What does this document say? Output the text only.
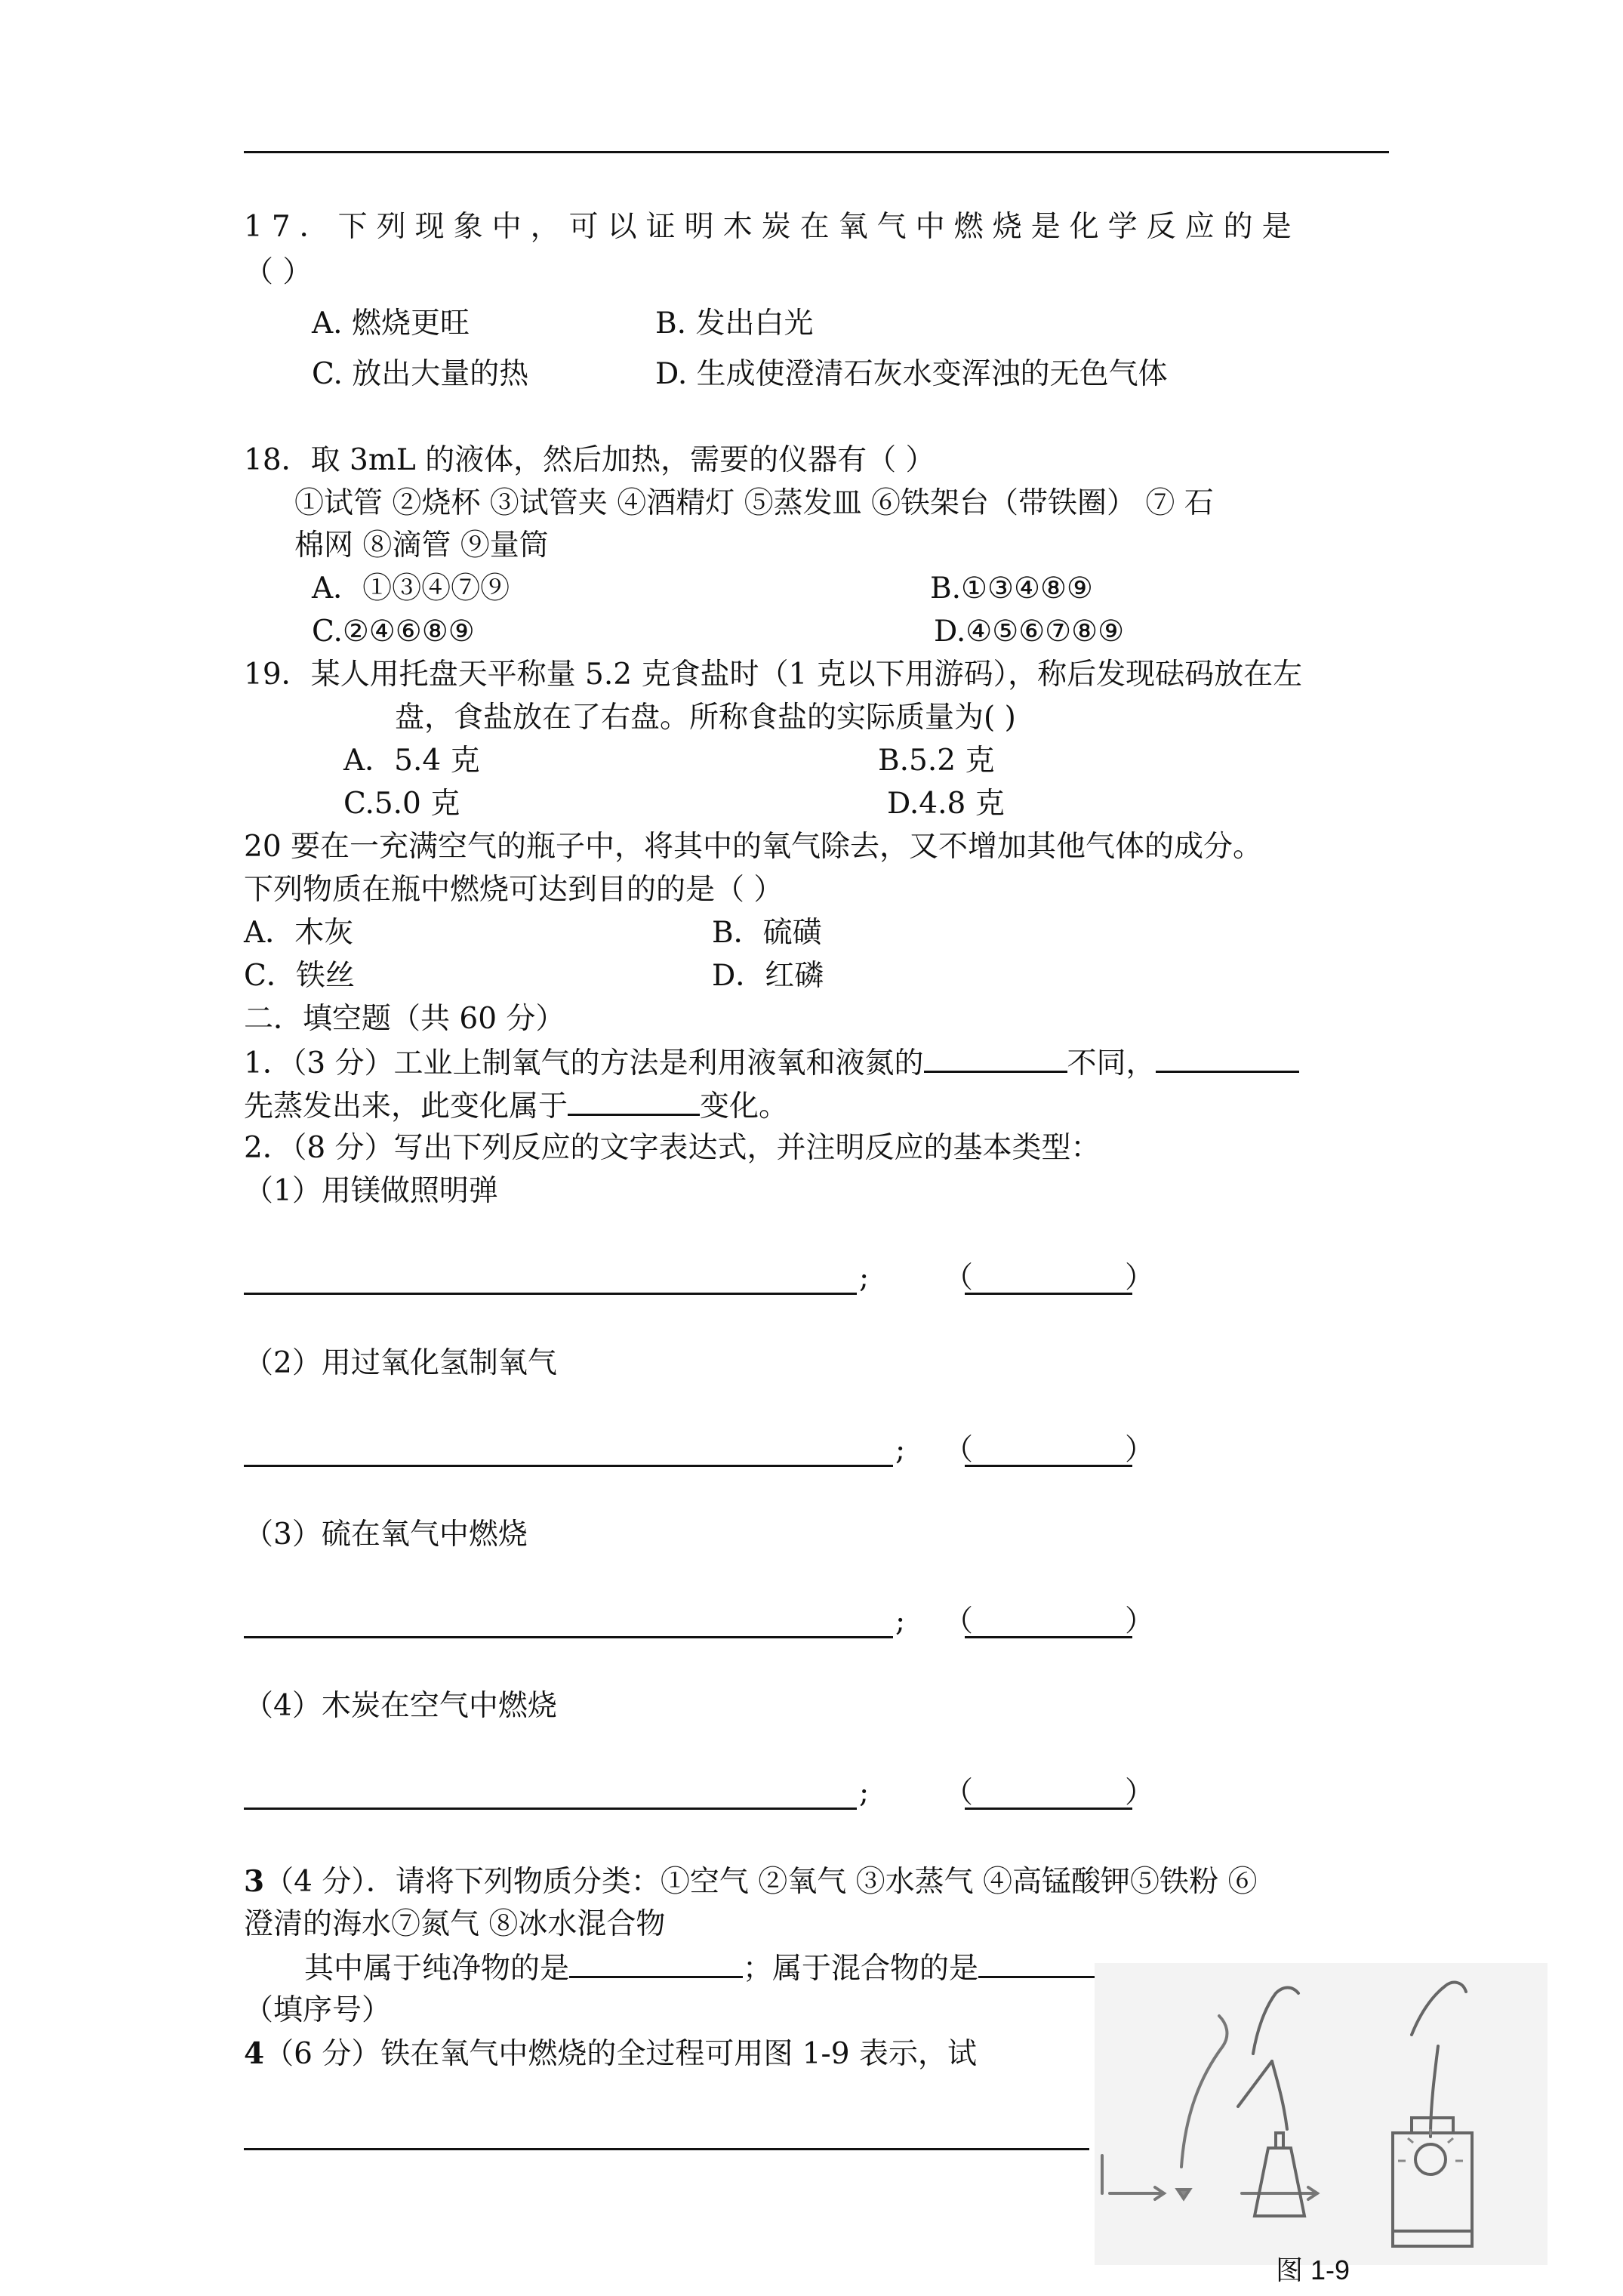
17．下列现象中，可以证明木炭在氧气中燃烧是化学反应的是
（ ）
A. 燃烧更旺	B. 发出白光
C. 放出大量的热	D. 生成使澄清石灰水变浑浊的无色气体
18．取 3mL 的液体，然后加热，需要的仪器有（ ）
①试管 ②烧杯 ③试管夹 ④酒精灯 ⑤蒸发皿 ⑥铁架台（带铁圈） ⑦ 石
棉网 ⑧滴管 ⑨量筒
A．①③④⑦⑨	B.①③④⑧⑨
C.②④⑥⑧⑨	D.④⑤⑥⑦⑧⑨
19．某人用托盘天平称量 5.2 克食盐时（1 克以下用游码），称后发现砝码放在左
盘，食盐放在了右盘。所称食盐的实际质量为( )
A．5.4 克	B.5.2 克
C.5.0 克	D.4.8 克
20 要在一充满空气的瓶子中，将其中的氧气除去，又不增加其他气体的成分。
下列物质在瓶中燃烧可达到目的的是（ ）
A．木灰	B．硫磺
C．铁丝	D．红磷
二．填空题（共 60 分）
1．（3 分）工业上制氧气的方法是利用液氧和液氮的	不同，
先蒸发出来，此变化属于	变化。
2．（8 分）写出下列反应的文字表达式，并注明反应的基本类型：
（1）用镁做照明弹
;	（	）
（2）用过氧化氢制氧气
; （	）
（3）硫在氧气中燃烧
; （	）
（4）木炭在空气中燃烧
;	（	）
3（4 分）．请将下列物质分类：①空气 ②氧气 ③水蒸气 ④高锰酸钾⑤铁粉 ⑥
澄清的海水⑦氮气 ⑧冰水混合物
其中属于纯净物的是	；属于混合物的是
（填序号）
4（6 分）铁在氧气中燃烧的全过程可用图 1-9 表示，试
图 1-9
